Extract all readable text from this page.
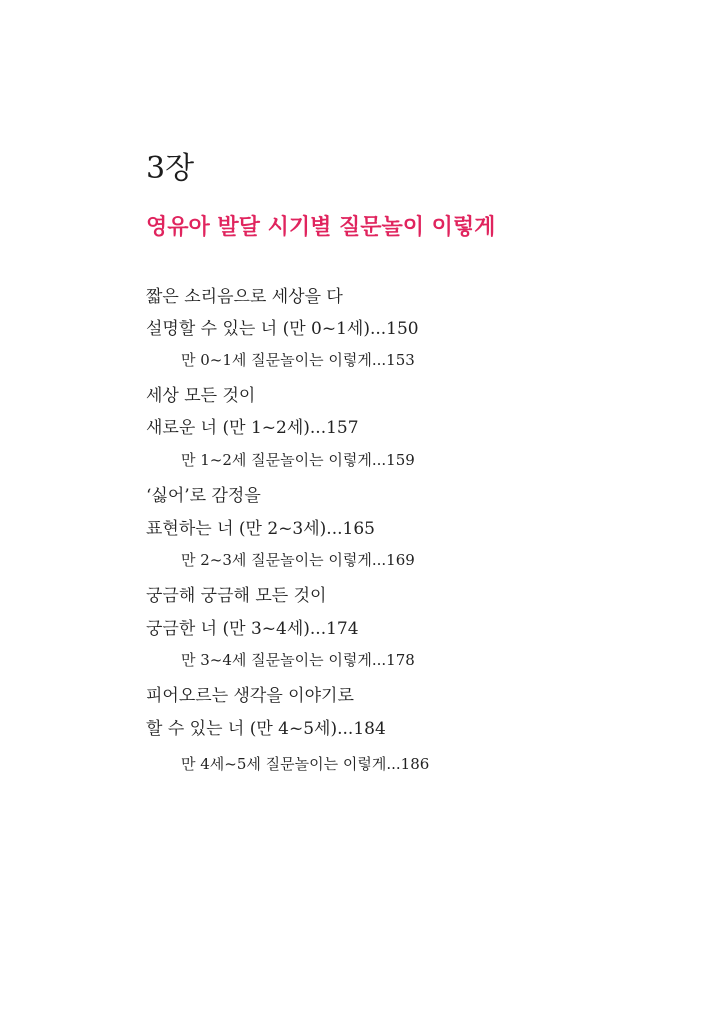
3장
영유아 발달 시기별 질문놀이 이렇게
짧은 소리음으로 세상을 다
설명할 수 있는 너 (만 0~1세)...150
만 0~1세 질문놀이는 이렇게...153
세상 모든 것이
새로운 너 (만 1~2세)...157
만 1~2세 질문놀이는 이렇게...159
‘싫어’로 감정을
표현하는 너 (만 2~3세)...165
만 2~3세 질문놀이는 이렇게...169
궁금해 궁금해 모든 것이
궁금한 너 (만 3~4세)...174
만 3~4세 질문놀이는 이렇게...178
피어오르는 생각을 이야기로
할 수 있는 너 (만 4~5세)...184
만 4세~5세 질문놀이는 이렇게...186
